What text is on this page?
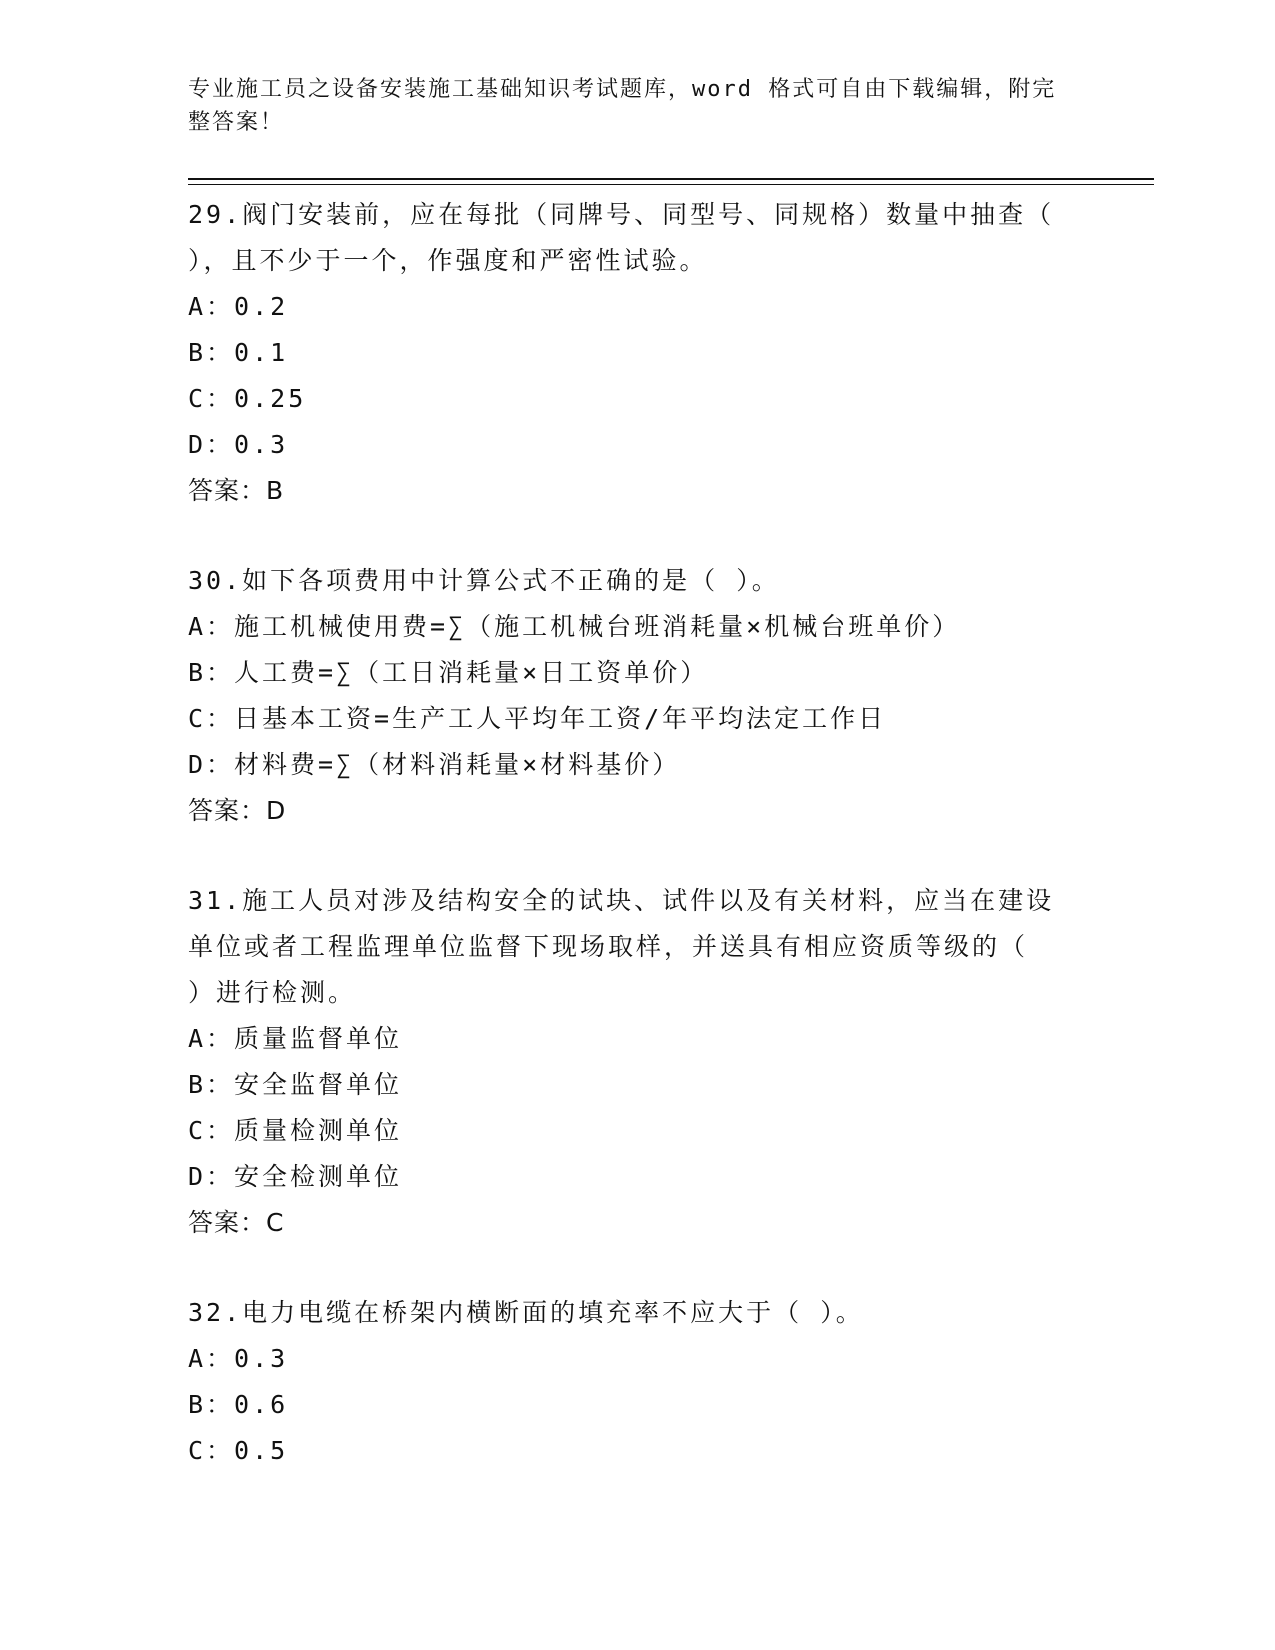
专业施工员之设备安装施工基础知识考试题库，word 格式可自由下载编辑，附完
整答案！
29.阀门安装前，应在每批（同牌号、同型号、同规格）数量中抽查（
），且不少于一个，作强度和严密性试验。
A：0.2
B：0.1
C：0.25
D：0.3
答案：B
30.如下各项费用中计算公式不正确的是（ ）。
A：施工机械使用费=∑（施工机械台班消耗量×机械台班单价）
B：人工费=∑（工日消耗量×日工资单价）
C：日基本工资=生产工人平均年工资/年平均法定工作日
D：材料费=∑（材料消耗量×材料基价）
答案：D
31.施工人员对涉及结构安全的试块、试件以及有关材料，应当在建设
单位或者工程监理单位监督下现场取样，并送具有相应资质等级的（
）进行检测。
A：质量监督单位
B：安全监督单位
C：质量检测单位
D：安全检测单位
答案：C
32.电力电缆在桥架内横断面的填充率不应大于（ ）。
A：0.3
B：0.6
C：0.5
